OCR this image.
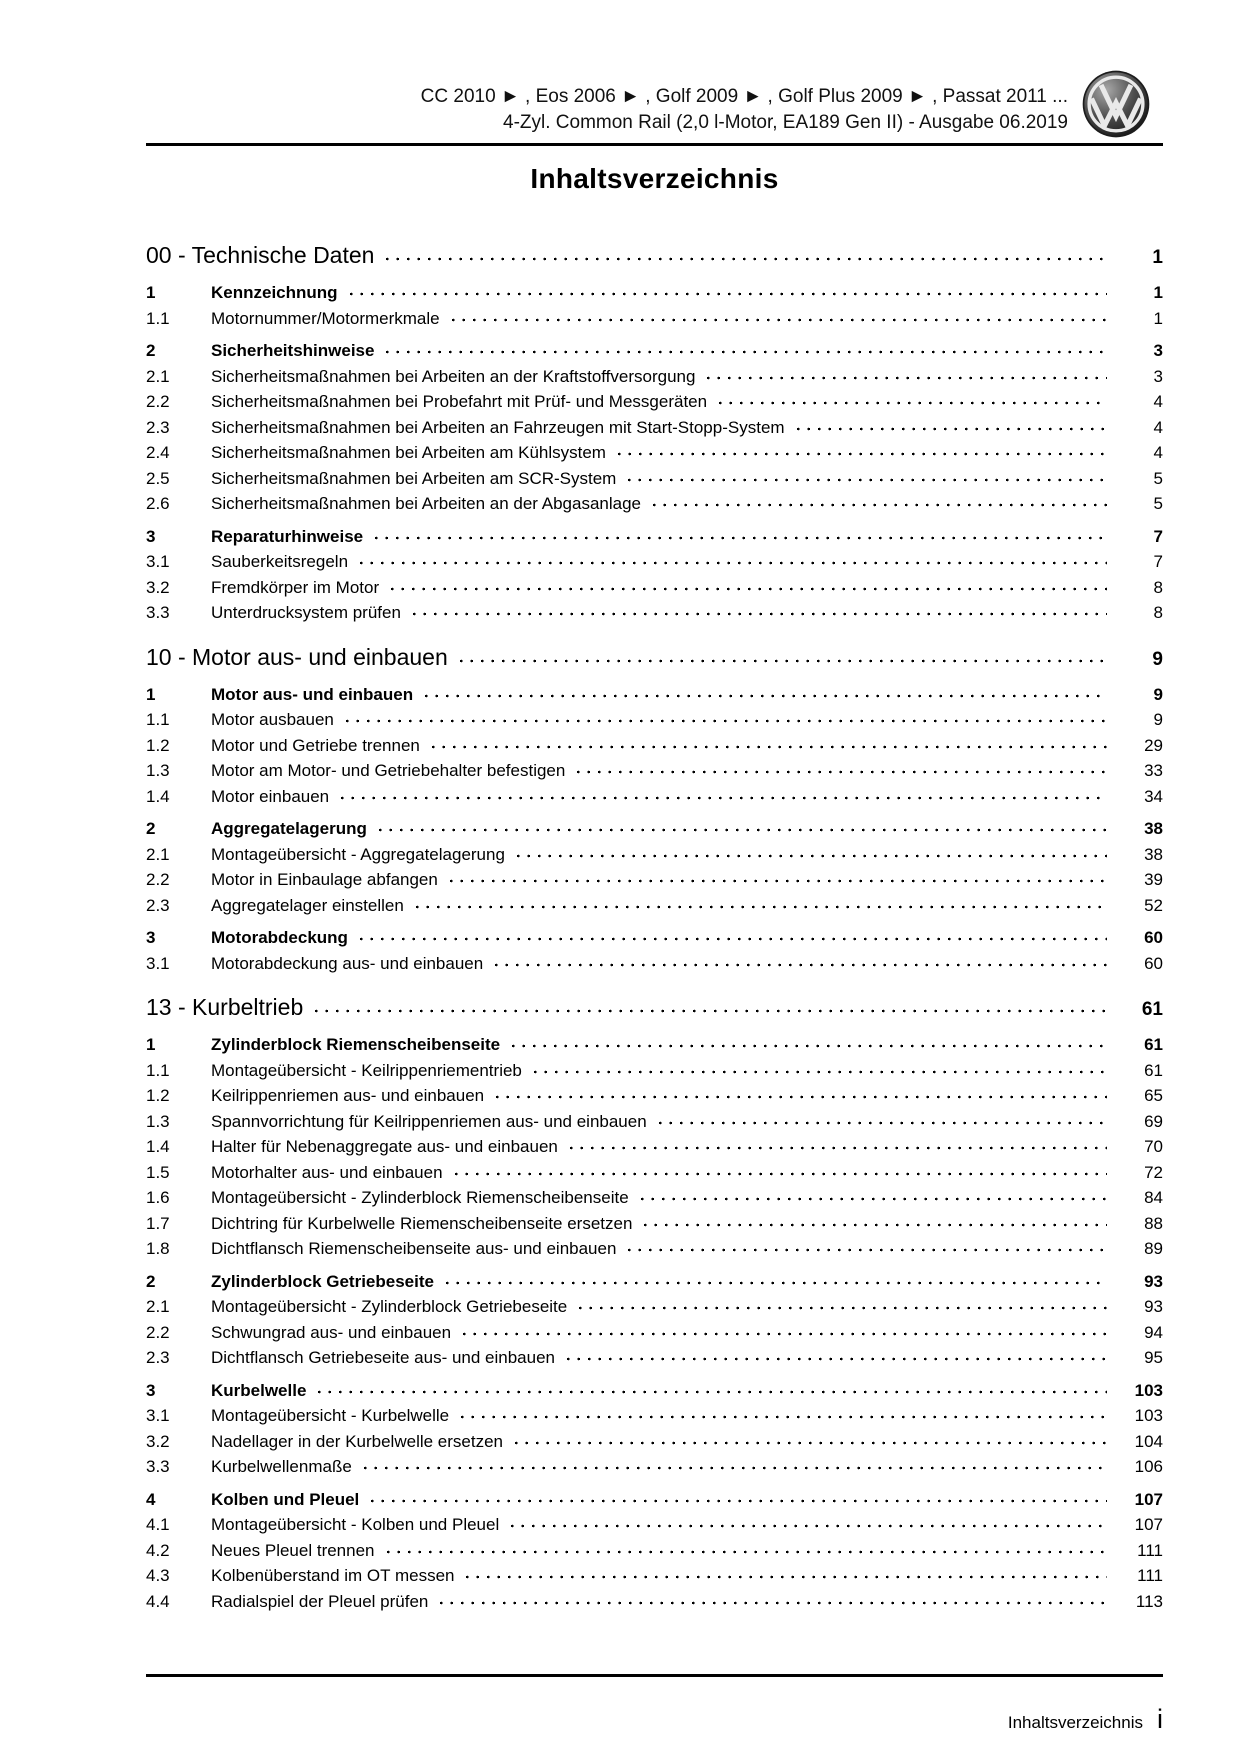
CC 2010 ► , Eos 2006 ► , Golf 2009 ► , Golf Plus 2009 ► , Passat 2011 ...
4-Zyl. Common Rail (2,0 l-Motor, EA189 Gen II) - Ausgabe 06.2019
Inhaltsverzeichnis
00 - Technische Daten	1
1	Kennzeichnung	1
1.1	Motornummer/Motormerkmale	1
2	Sicherheitshinweise	3
2.1	Sicherheitsmaßnahmen bei Arbeiten an der Kraftstoffversorgung	3
2.2	Sicherheitsmaßnahmen bei Probefahrt mit Prüf- und Messgeräten	4
2.3	Sicherheitsmaßnahmen bei Arbeiten an Fahrzeugen mit Start-Stopp-System	4
2.4	Sicherheitsmaßnahmen bei Arbeiten am Kühlsystem	4
2.5	Sicherheitsmaßnahmen bei Arbeiten am SCR-System	5
2.6	Sicherheitsmaßnahmen bei Arbeiten an der Abgasanlage	5
3	Reparaturhinweise	7
3.1	Sauberkeitsregeln	7
3.2	Fremdkörper im Motor	8
3.3	Unterdrucksystem prüfen	8
10 - Motor aus- und einbauen	9
1	Motor aus- und einbauen	9
1.1	Motor ausbauen	9
1.2	Motor und Getriebe trennen	29
1.3	Motor am Motor- und Getriebehalter befestigen	33
1.4	Motor einbauen	34
2	Aggregatelagerung	38
2.1	Montageübersicht - Aggregatelagerung	38
2.2	Motor in Einbaulage abfangen	39
2.3	Aggregatelager einstellen	52
3	Motorabdeckung	60
3.1	Motorabdeckung aus- und einbauen	60
13 - Kurbeltrieb	61
1	Zylinderblock Riemenscheibenseite	61
1.1	Montageübersicht - Keilrippenriementrieb	61
1.2	Keilrippenriemen aus- und einbauen	65
1.3	Spannvorrichtung für Keilrippenriemen aus- und einbauen	69
1.4	Halter für Nebenaggregate aus- und einbauen	70
1.5	Motorhalter aus- und einbauen	72
1.6	Montageübersicht - Zylinderblock Riemenscheibenseite	84
1.7	Dichtring für Kurbelwelle Riemenscheibenseite ersetzen	88
1.8	Dichtflansch Riemenscheibenseite aus- und einbauen	89
2	Zylinderblock Getriebeseite	93
2.1	Montageübersicht - Zylinderblock Getriebeseite	93
2.2	Schwungrad aus- und einbauen	94
2.3	Dichtflansch Getriebeseite aus- und einbauen	95
3	Kurbelwelle	103
3.1	Montageübersicht - Kurbelwelle	103
3.2	Nadellager in der Kurbelwelle ersetzen	104
3.3	Kurbelwellenmaße	106
4	Kolben und Pleuel	107
4.1	Montageübersicht - Kolben und Pleuel	107
4.2	Neues Pleuel trennen	111
4.3	Kolbenüberstand im OT messen	111
4.4	Radialspiel der Pleuel prüfen	113
Inhaltsverzeichnis i
